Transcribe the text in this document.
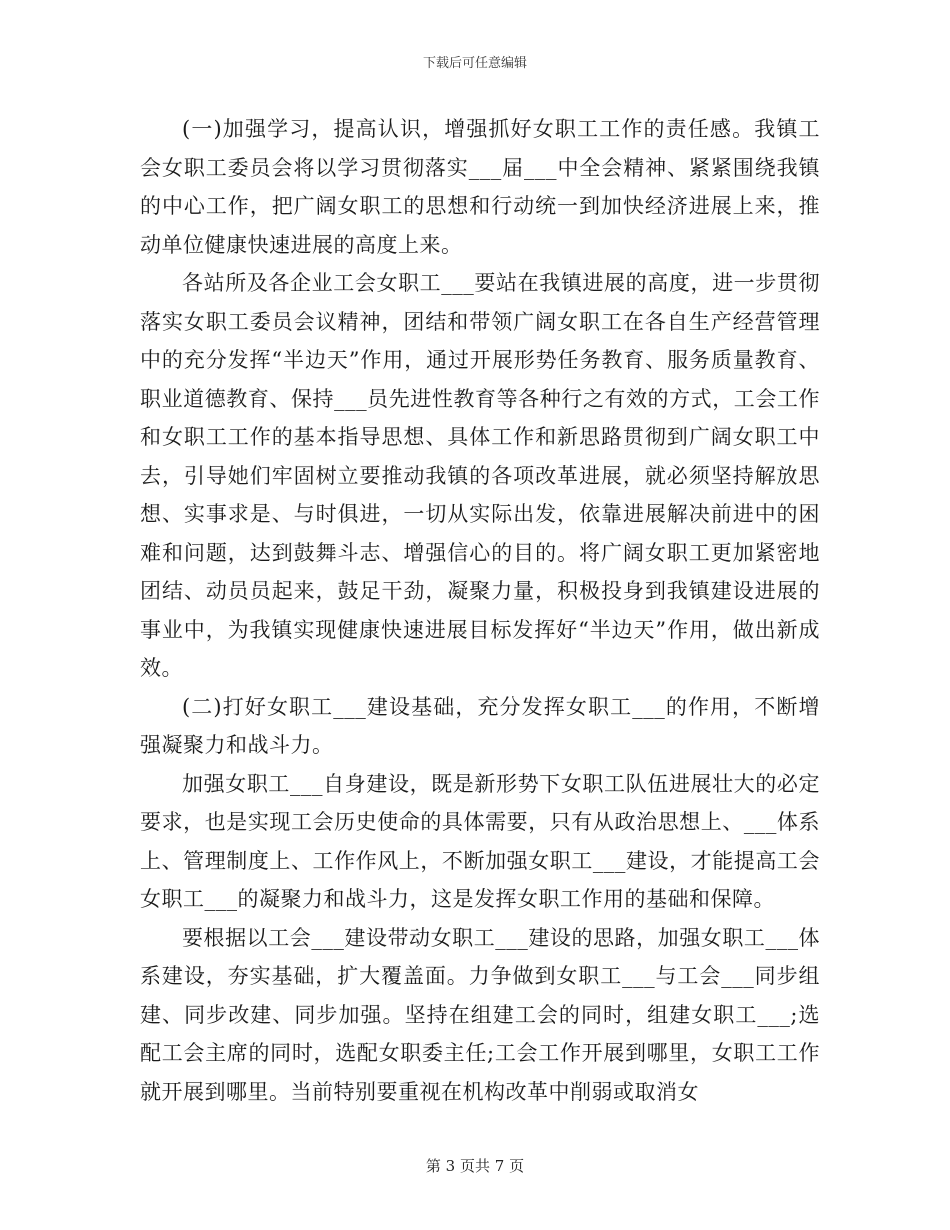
下载后可任意编辑

(一)加强学习，提高认识，增强抓好女职工工作的责任感。我镇工会女职工委员会将以学习贯彻落实___届___中全会精神、紧紧围绕我镇的中心工作，把广阔女职工的思想和行动统一到加快经济进展上来，推动单位健康快速进展的高度上来。

各站所及各企业工会女职工___要站在我镇进展的高度，进一步贯彻落实女职工委员会议精神，团结和带领广阔女职工在各自生产经营管理中的充分发挥“半边天”作用，通过开展形势任务教育、服务质量教育、职业道德教育、保持___员先进性教育等各种行之有效的方式，工会工作和女职工工作的基本指导思想、具体工作和新思路贯彻到广阔女职工中去，引导她们牢固树立要推动我镇的各项改革进展，就必须坚持解放思想、实事求是、与时俱进，一切从实际出发，依靠进展解决前进中的困难和问题，达到鼓舞斗志、增强信心的目的。将广阔女职工更加紧密地团结、动员员起来，鼓足干劲，凝聚力量，积极投身到我镇建设进展的事业中，为我镇实现健康快速进展目标发挥好“半边天”作用，做出新成效。

(二)打好女职工___建设基础，充分发挥女职工___的作用，不断增强凝聚力和战斗力。

加强女职工___自身建设，既是新形势下女职工队伍进展壮大的必定要求，也是实现工会历史使命的具体需要，只有从政治思想上、___体系上、管理制度上、工作作风上，不断加强女职工___建设，才能提高工会女职工___的凝聚力和战斗力，这是发挥女职工作用的基础和保障。

要根据以工会___建设带动女职工___建设的思路，加强女职工___体系建设，夯实基础，扩大覆盖面。力争做到女职工___与工会___同步组建、同步改建、同步加强。坚持在组建工会的同时，组建女职工___;选配工会主席的同时，选配女职委主任;工会工作开展到哪里，女职工工作就开展到哪里。当前特别要重视在机构改革中削弱或取消女

第 3 页共 7 页
